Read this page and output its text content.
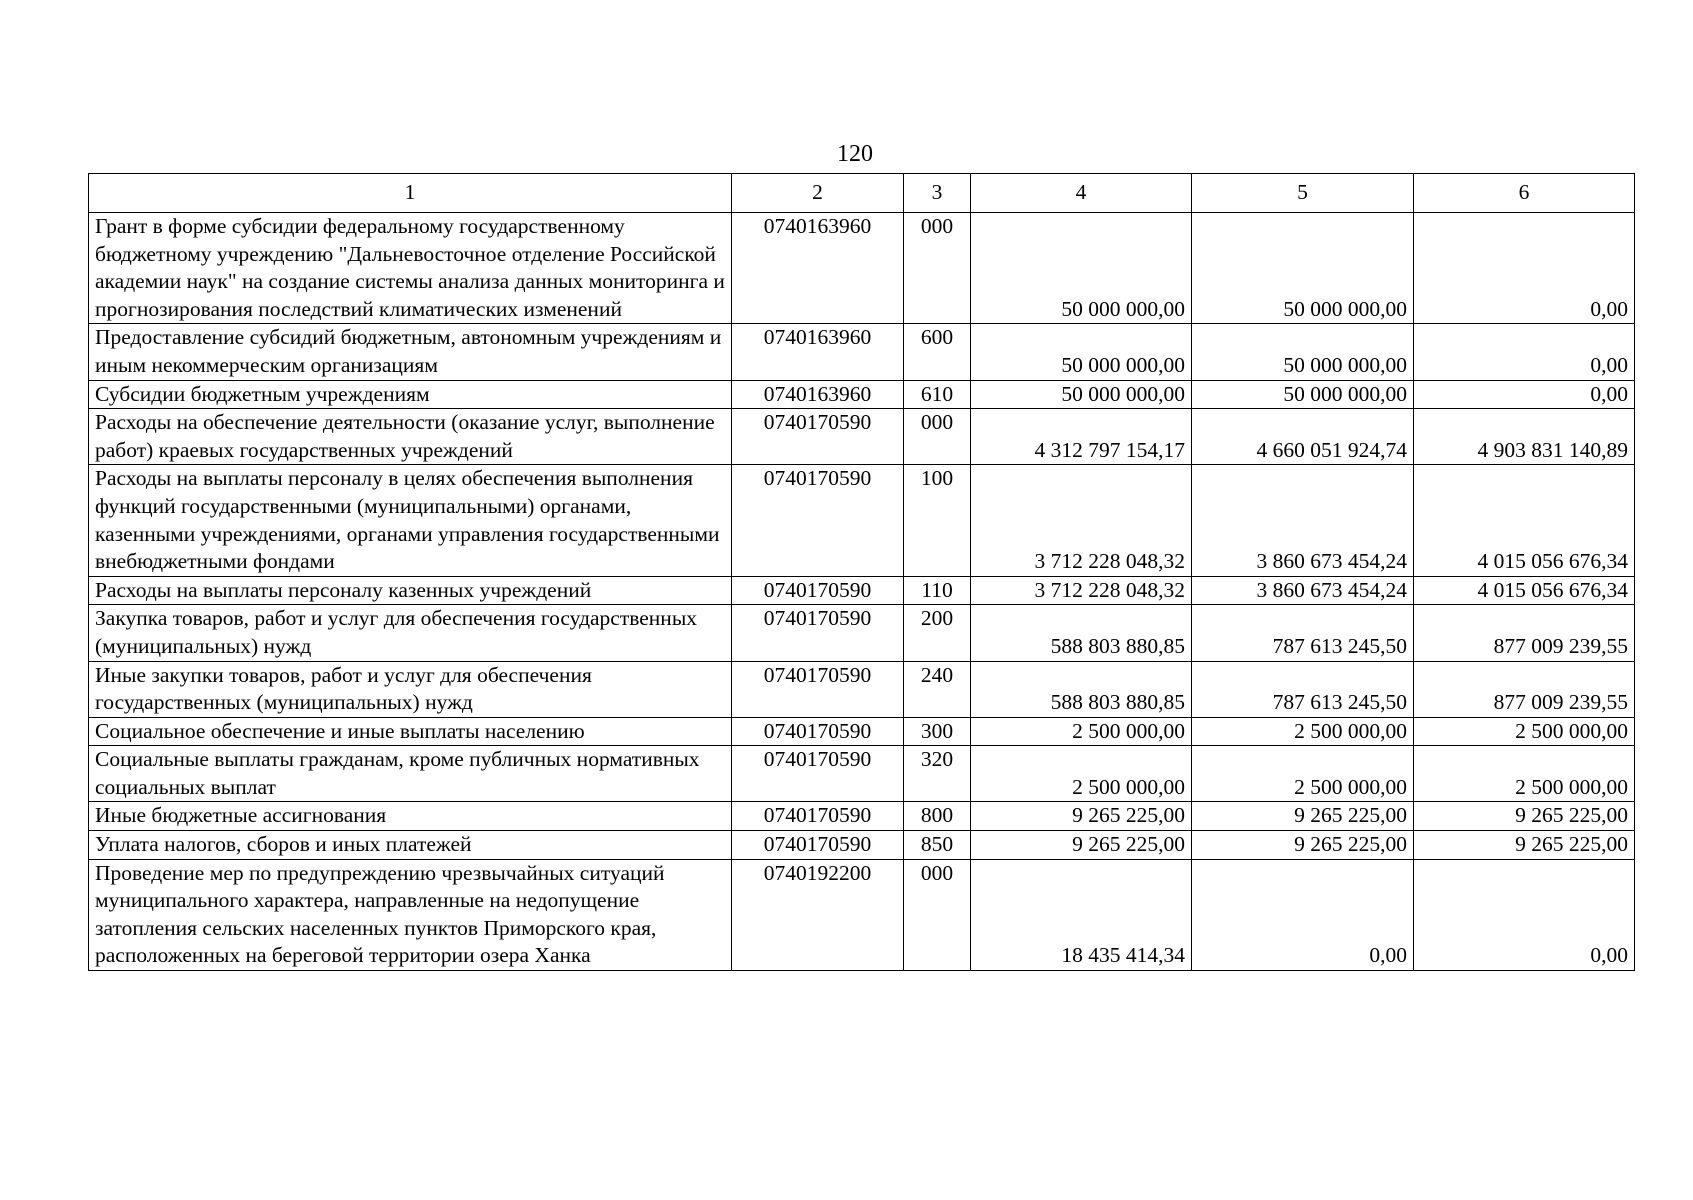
120
1	2	3	4	5	6
Грант в форме субсидии федеральному государственному бюджетному учреждению "Дальневосточное отделение Российской академии наук" на создание системы анализа данных мониторинга и прогнозирования последствий климатических изменений	0740163960	000	50 000 000,00	50 000 000,00	0,00
Предоставление субсидий бюджетным, автономным учреждениям и иным некоммерческим организациям	0740163960	600	50 000 000,00	50 000 000,00	0,00
Субсидии бюджетным учреждениям	0740163960	610	50 000 000,00	50 000 000,00	0,00
Расходы на обеспечение деятельности (оказание услуг, выполнение работ) краевых государственных учреждений	0740170590	000	4 312 797 154,17	4 660 051 924,74	4 903 831 140,89
Расходы на выплаты персоналу в целях обеспечения выполнения функций государственными (муниципальными) органами, казенными учреждениями, органами управления государственными внебюджетными фондами	0740170590	100	3 712 228 048,32	3 860 673 454,24	4 015 056 676,34
Расходы на выплаты персоналу казенных учреждений	0740170590	110	3 712 228 048,32	3 860 673 454,24	4 015 056 676,34
Закупка товаров, работ и услуг для обеспечения государственных (муниципальных) нужд	0740170590	200	588 803 880,85	787 613 245,50	877 009 239,55
Иные закупки товаров, работ и услуг для обеспечения государственных (муниципальных) нужд	0740170590	240	588 803 880,85	787 613 245,50	877 009 239,55
Социальное обеспечение и иные выплаты населению	0740170590	300	2 500 000,00	2 500 000,00	2 500 000,00
Социальные выплаты гражданам, кроме публичных нормативных социальных выплат	0740170590	320	2 500 000,00	2 500 000,00	2 500 000,00
Иные бюджетные ассигнования	0740170590	800	9 265 225,00	9 265 225,00	9 265 225,00
Уплата налогов, сборов и иных платежей	0740170590	850	9 265 225,00	9 265 225,00	9 265 225,00
Проведение мер по предупреждению чрезвычайных ситуаций муниципального характера, направленные на недопущение затопления сельских населенных пунктов Приморского края, расположенных на береговой территории озера Ханка	0740192200	000	18 435 414,34	0,00	0,00
